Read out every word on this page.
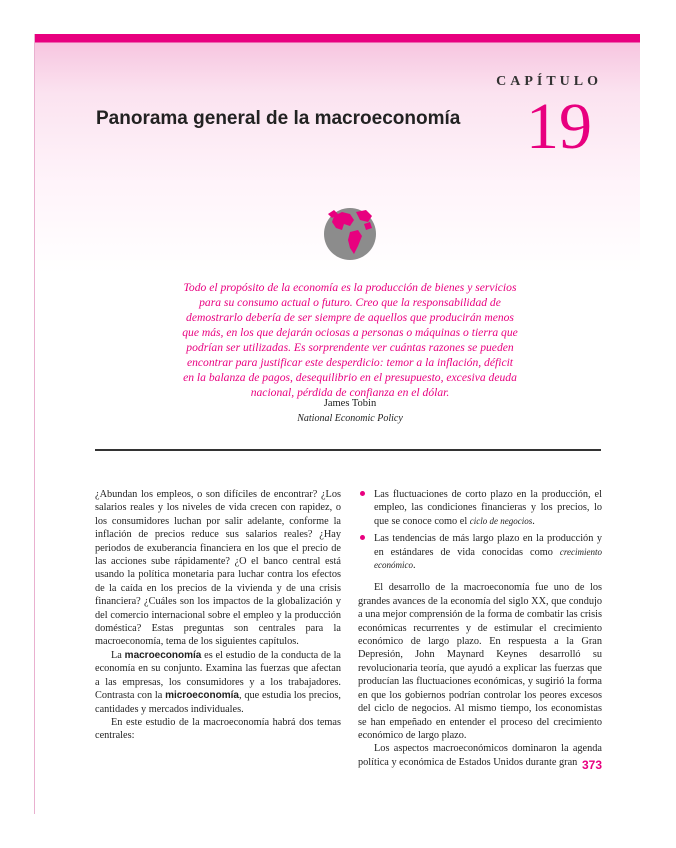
CAPÍTULO
19
Panorama general de la macroeconomía
Todo el propósito de la economía es la producción de bienes y servicios
para su consumo actual o futuro. Creo que la responsabilidad de
demostrarlo debería de ser siempre de aquellos que producirán menos
que más, en los que dejarán ociosas a personas o máquinas o tierra que
podrían ser utilizadas. Es sorprendente ver cuántas razones se pueden
encontrar para justificar este desperdicio: temor a la inflación, déficit
en la balanza de pagos, desequilibrio en el presupuesto, excesiva deuda
nacional, pérdida de confianza en el dólar.
James Tobin
National Economic Policy

¿Abundan los empleos, o son difíciles de encontrar? ¿Los salarios reales y los niveles de vida crecen con rapidez, o los consumidores luchan por salir adelante, conforme la inflación de precios reduce sus salarios reales? ¿Hay periodos de exuberancia financiera en los que el precio de las acciones sube rápidamente? ¿O el banco central está usando la política monetaria para luchar contra los efectos de la caída en los precios de la vivienda y de una crisis financiera? ¿Cuáles son los impactos de la globalización y del comercio internacional sobre el empleo y la producción doméstica? Estas preguntas son centrales para la macroeconomía, tema de los siguientes capítulos.

La macroeconomía es el estudio de la conducta de la economía en su conjunto. Examina las fuerzas que afectan a las empresas, los consumidores y a los trabajadores. Contrasta con la microeconomía, que estudia los precios, cantidades y mercados individuales.

En este estudio de la macroeconomía habrá dos temas centrales:

Las fluctuaciones de corto plazo en la producción, el empleo, las condiciones financieras y los precios, lo que se conoce como el ciclo de negocios.
Las tendencias de más largo plazo en la producción y en estándares de vida conocidas como crecimiento económico.

El desarrollo de la macroeconomía fue uno de los grandes avances de la economía del siglo XX, que condujo a una mejor comprensión de la forma de combatir las crisis económicas recurrentes y de estimular el crecimiento económico de largo plazo. En respuesta a la Gran Depresión, John Maynard Keynes desarrolló su revolucionaria teoría, que ayudó a explicar las fuerzas que producían las fluctuaciones económicas, y sugirió la forma en que los gobiernos podrían controlar los peores excesos del ciclo de negocios. Al mismo tiempo, los economistas se han empeñado en entender el proceso del crecimiento económico de largo plazo.

Los aspectos macroeconómicos dominaron la agenda política y económica de Estados Unidos durante gran 373
